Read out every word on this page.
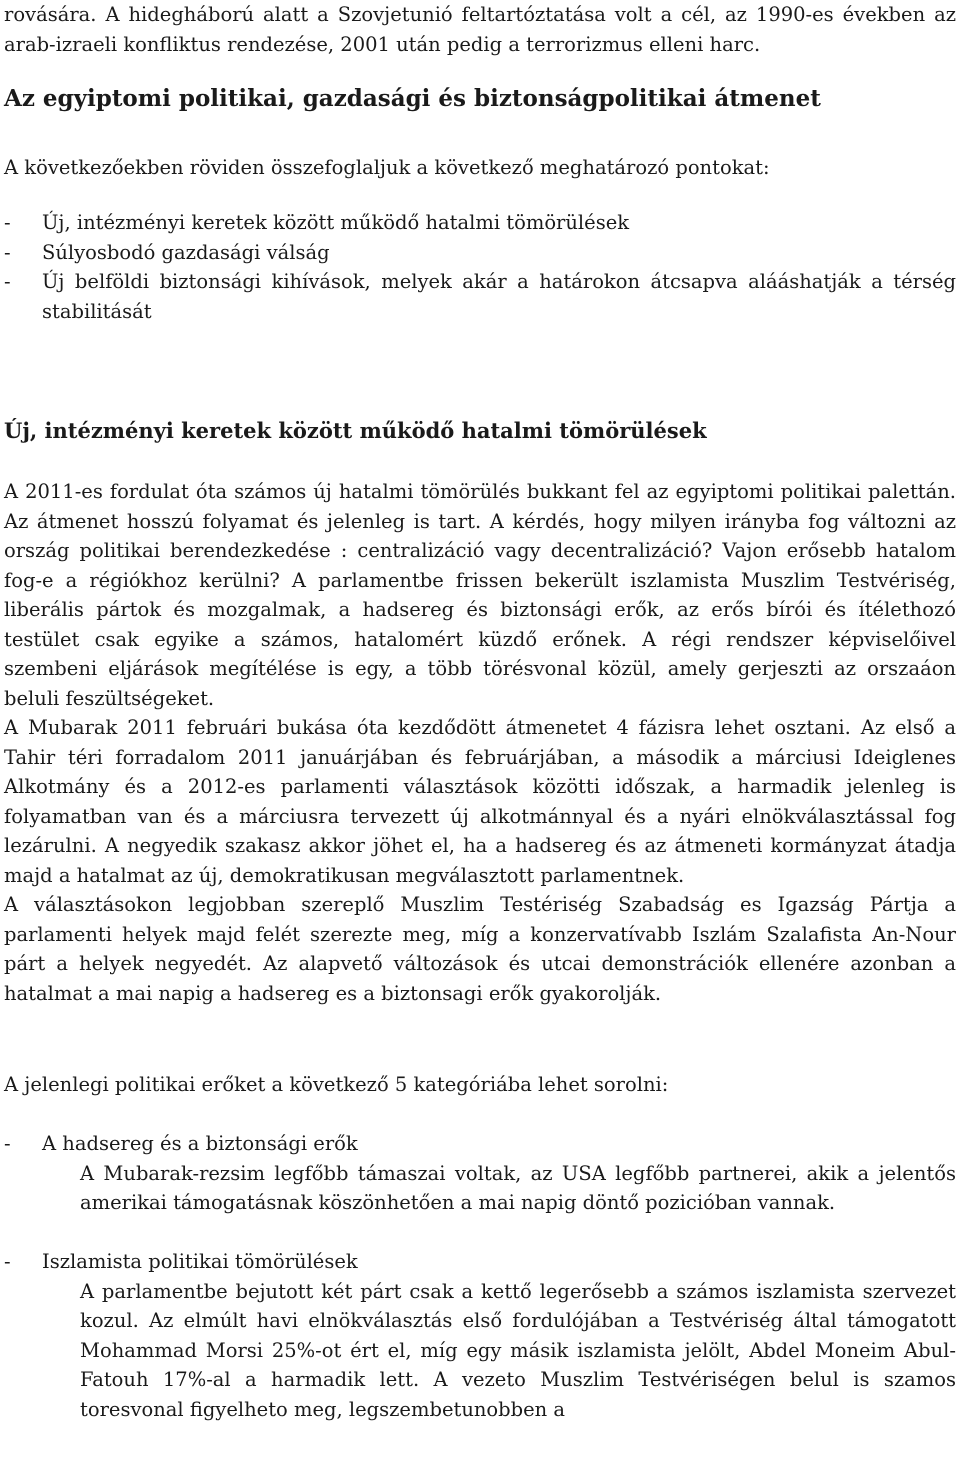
rovására. A hidegháború alatt a Szovjetunió feltartóztatása volt a cél, az 1990-es években az arab-izraeli konfliktus rendezése, 2001 után pedig a terrorizmus elleni harc.

Az egyiptomi politikai, gazdasági és biztonságpolitikai átmenet

A következőekben röviden összefoglaljuk a következő meghatározó pontokat:

-	Új, intézményi keretek között működő hatalmi tömörülések
-	Súlyosbodó gazdasági válság
-	Új belföldi biztonsági kihívások, melyek akár a határokon átcsapva alááshatják a térség stabilitását
Új, intézményi keretek között működő hatalmi tömörülések

A 2011-es fordulat óta számos új hatalmi tömörülés bukkant fel az egyiptomi politikai palettán. Az átmenet hosszú folyamat és jelenleg is tart. A kérdés, hogy milyen irányba fog változni az ország politikai berendezkedése : centralizáció vagy decentralizáció? Vajon erősebb hatalom fog-e a régiókhoz kerülni? A parlamentbe frissen bekerült iszlamista Muszlim Testvériség, liberális pártok és mozgalmak, a hadsereg és biztonsági erők, az erős bírói és ítélethozó testület csak egyike a számos, hatalomért küzdő erőnek. A régi rendszer képviselőivel szembeni eljárások megítélése is egy, a több törésvonal közül, amely gerjeszti az orszaáon beluli feszültségeket.

A Mubarak 2011 februári bukása óta kezdődött átmenetet 4 fázisra lehet osztani. Az első a Tahir téri forradalom 2011 januárjában és februárjában, a második a márciusi Ideiglenes Alkotmány és a 2012-es parlamenti választások közötti időszak, a harmadik jelenleg is folyamatban van és a márciusra tervezett új alkotmánnyal és a nyári elnökválasztással fog lezárulni. A negyedik szakasz akkor jöhet el, ha a hadsereg és az átmeneti kormányzat átadja majd a hatalmat az új, demokratikusan megválasztott parlamentnek.

A választásokon legjobban szereplő Muszlim Testériség Szabadság es Igazság Pártja a parlamenti helyek majd felét szerezte meg, míg a konzervatívabb Iszlám Szalafista An-Nour párt a helyek negyedét. Az alapvető változások és utcai demonstrációk ellenére azonban a hatalmat a mai napig a hadsereg es a biztonsagi erők gyakorolják.

A jelenlegi politikai erőket a következő 5 kategóriába lehet sorolni:

-	A hadsereg és a biztonsági erők

A Mubarak-rezsim legfőbb támaszai voltak, az USA legfőbb partnerei, akik a jelentős amerikai támogatásnak köszönhetően a mai napig döntő pozicióban vannak.

-	Iszlamista politikai tömörülések

A parlamentbe bejutott két párt csak a kettő legerősebb a számos iszlamista szervezet kozul. Az elmúlt havi elnökválasztás első fordulójában a Testvériség által támogatott Mohammad Morsi 25%-ot ért el, míg egy másik iszlamista jelölt, Abdel Moneim Abul-Fatouh 17%-al a harmadik lett. A vezeto Muszlim Testvériségen belul is szamos toresvonal figyelheto meg, legszembetunobben a
